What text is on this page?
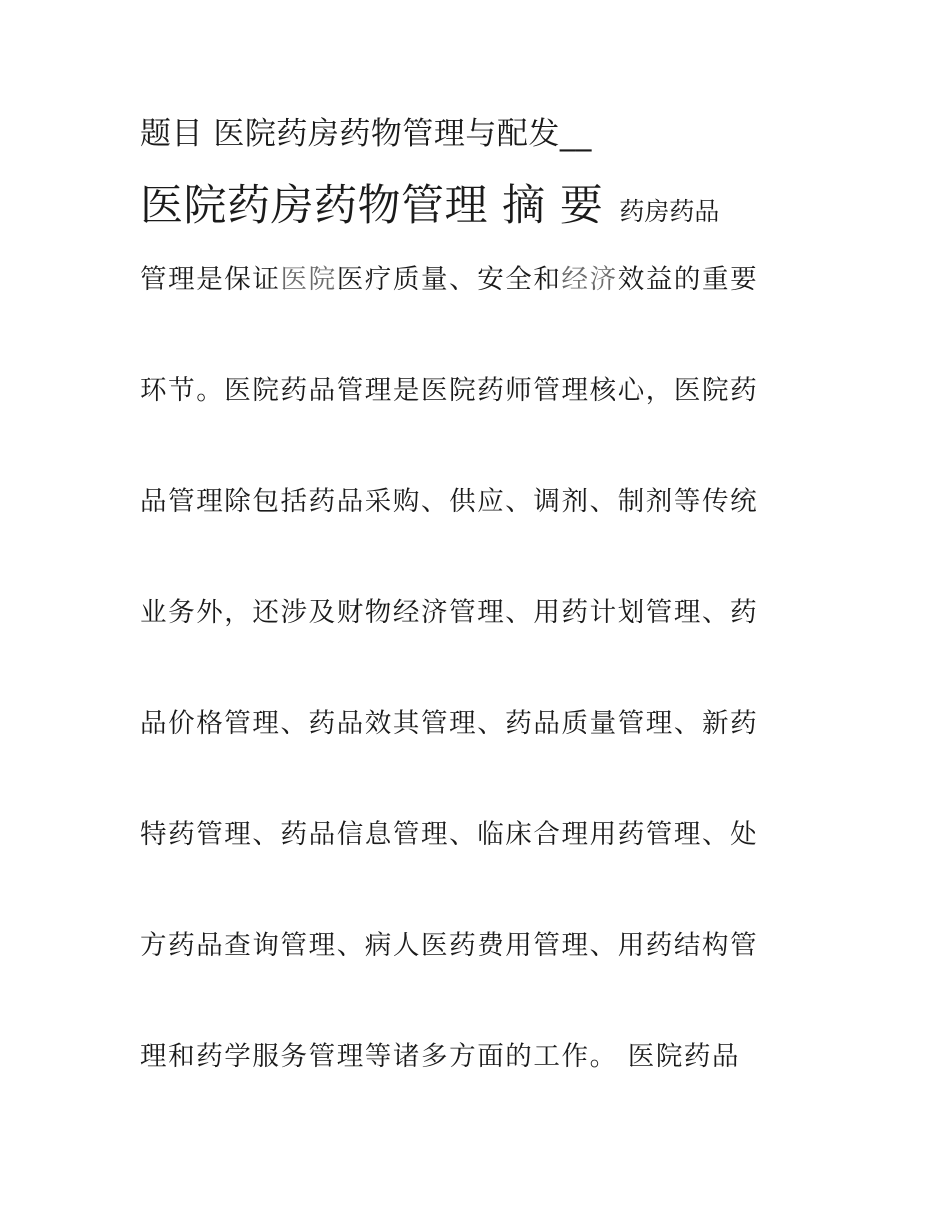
题目 医院药房药物管理与配发__
医院药房药物管理 摘 要 药房药品
管理是保证医院医疗质量、安全和经济效益的重要
环节。医院药品管理是医院药师管理核心，医院药
品管理除包括药品采购、供应、调剂、制剂等传统
业务外，还涉及财物经济管理、用药计划管理、药
品价格管理、药品效其管理、药品质量管理、新药
特药管理、药品信息管理、临床合理用药管理、处
方药品查询管理、病人医药费用管理、用药结构管
理和药学服务管理等诸多方面的工作。 医院药品
